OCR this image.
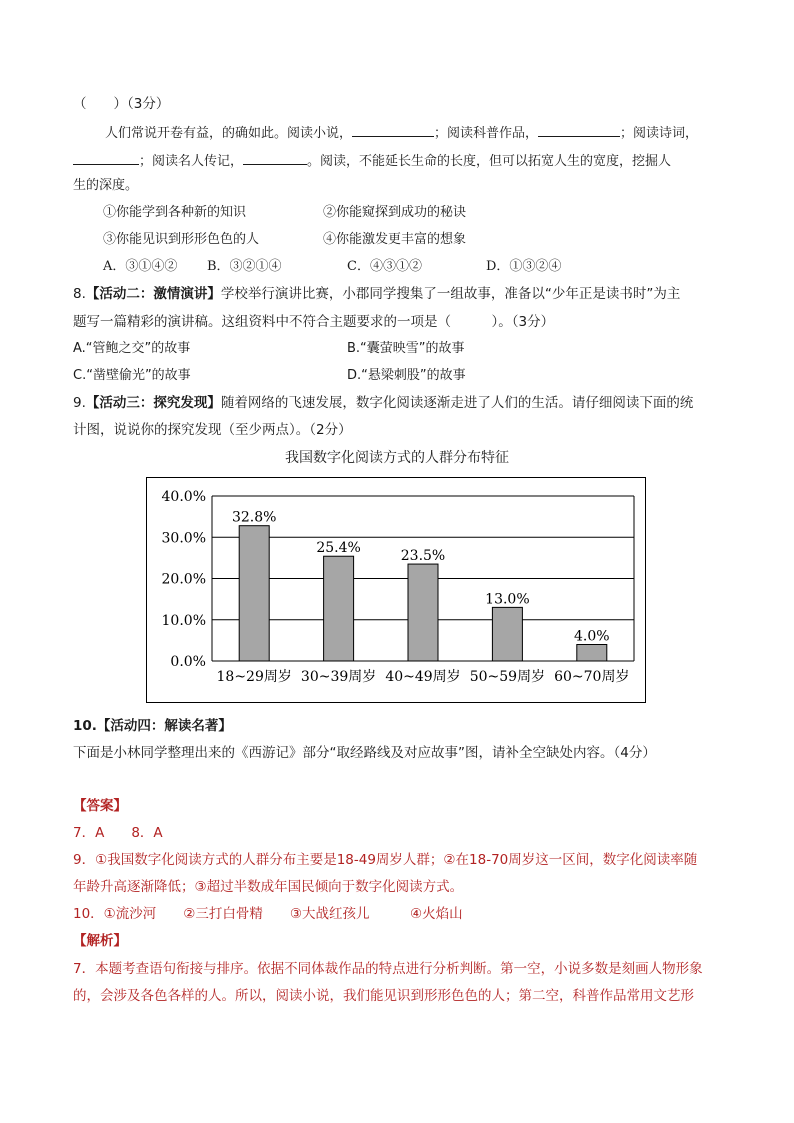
（　　）（3分）
人们常说开卷有益，的确如此。阅读小说，	；阅读科普作品，	；阅读诗词，
；阅读名人传记，	。阅读，不能延长生命的长度，但可以拓宽人生的宽度，挖掘人
生的深度。
①你能学到各种新的知识	②你能窥探到成功的秘诀
③你能见识到形形色色的人	④你能激发更丰富的想象
A．③①④② B．③②①④	C．④③①②	D．①③②④
8.【活动二：激情演讲】学校举行演讲比赛，小郡同学搜集了一组故事，准备以“少年正是读书时”为主
题写一篇精彩的演讲稿。这组资料中不符合主题要求的一项是（　　　）。（3分）
A.“管鲍之交”的故事	B.“囊萤映雪”的故事
C.“凿壁偷光”的故事	D.“悬梁刺股”的故事
9.【活动三：探究发现】随着网络的飞速发展，数字化阅读逐渐走进了人们的生活。请仔细阅读下面的统
计图，说说你的探究发现（至少两点）。（2分）
我国数字化阅读方式的人群分布特征
0.0%
10.0%
20.0%
30.0%
40.0%
32.8%
18~29周岁
25.4%
30~39周岁
23.5%
40~49周岁
13.0%
50~59周岁
4.0%
60~70周岁
10.【活动四：解读名著】
下面是小林同学整理出来的《西游记》部分“取经路线及对应故事”图，请补全空缺处内容。（4分）
【答案】
7．A　　8．A
9．①我国数字化阅读方式的人群分布主要是18-49周岁人群；②在18-70周岁这一区间，数字化阅读率随
年龄升高逐渐降低；③超过半数成年国民倾向于数字化阅读方式。
10．①流沙河　　②三打白骨精　　③大战红孩儿　　　④火焰山
【解析】
7．本题考查语句衔接与排序。依据不同体裁作品的特点进行分析判断。第一空，小说多数是刻画人物形象
的，会涉及各色各样的人。所以，阅读小说，我们能见识到形形色色的人；第二空，科普作品常用文艺形
